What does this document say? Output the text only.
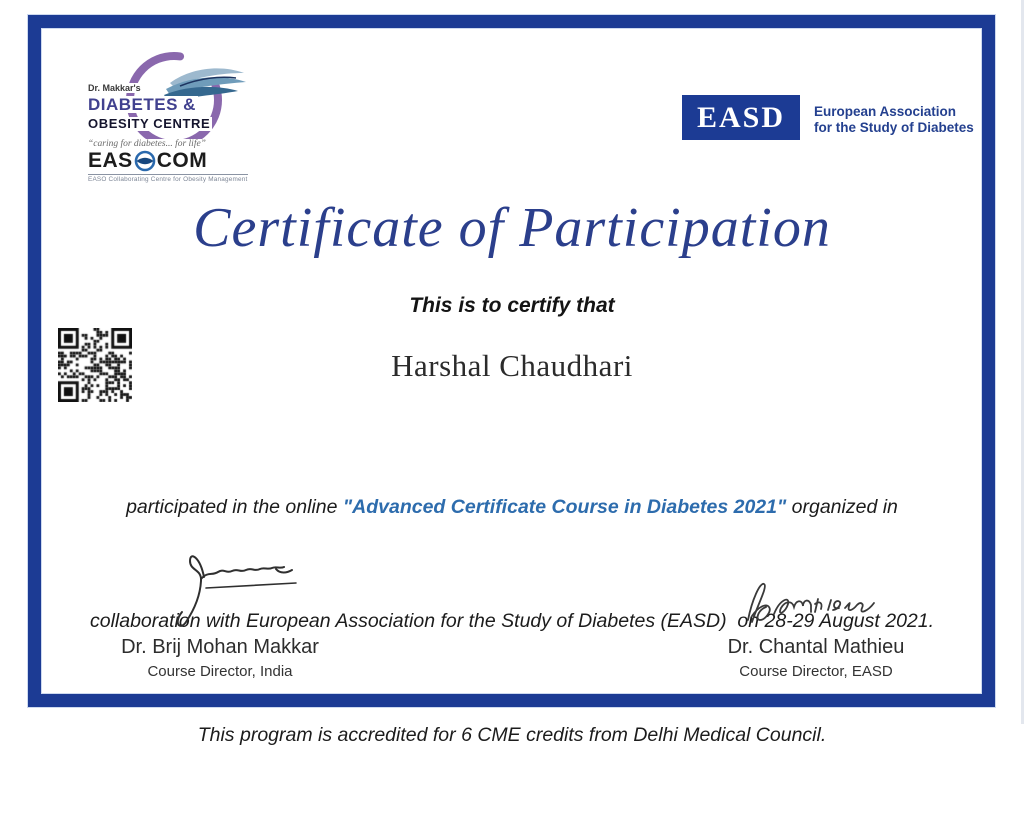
Dr. Makkar's
DIABETES &
OBESITY CENTRE
“caring for diabetes... for life”
EAS COM
EASO Collaborating Centre for Obesity Management
EASD	European Association
for the Study of Diabetes
Certificate of Participation

This is to certify that

Harshal Chaudhari

participated in the online "Advanced Certificate Course in Diabetes 2021" organized in

collaboration with European Association for the Study of Diabetes (EASD)  on 28-29 August 2021.

This program is accredited for 6 CME credits from Delhi Medical Council.

Dr. Brij Mohan Makkar

Course Director, India

Dr. Chantal Mathieu

Course Director, EASD
